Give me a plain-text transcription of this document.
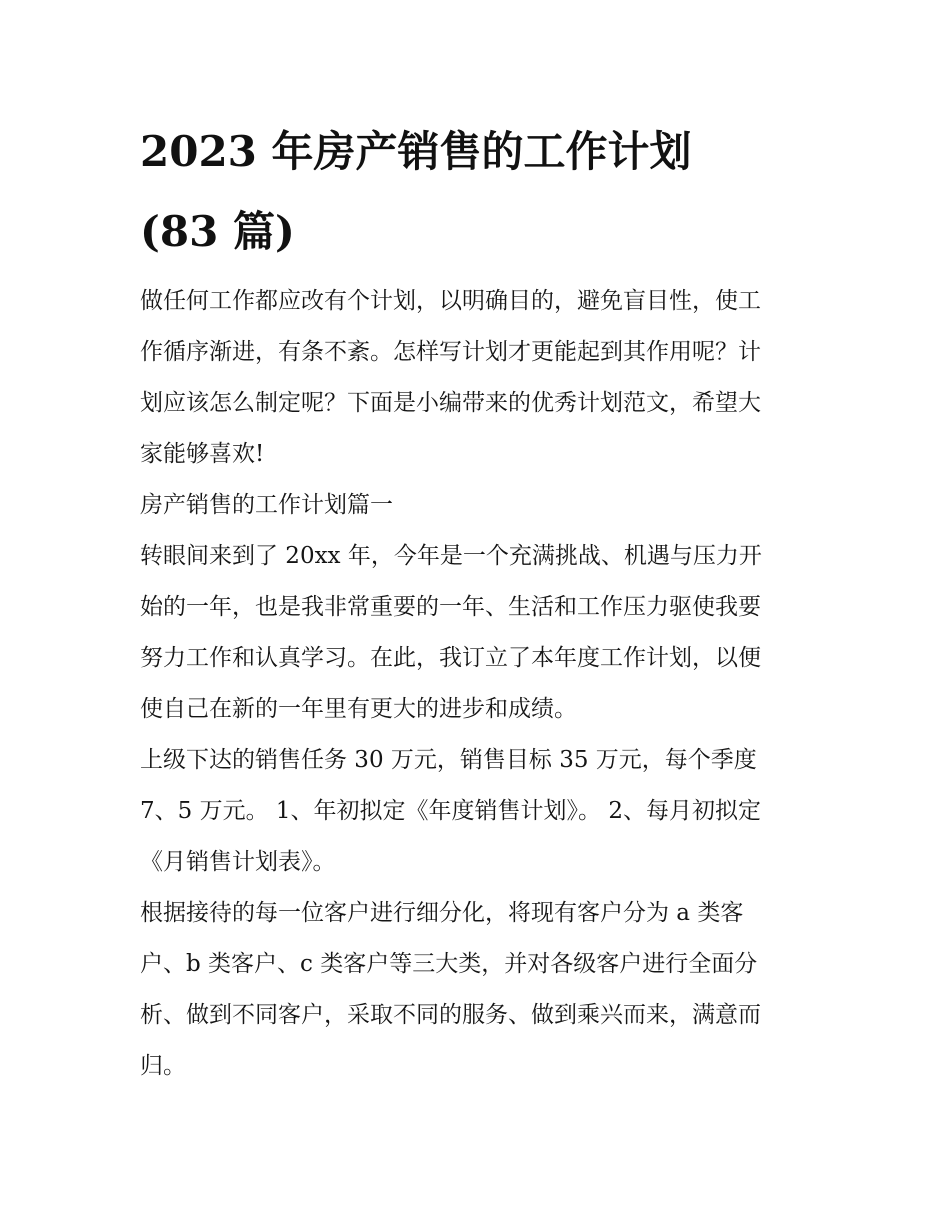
2023 年房产销售的工作计划
(83 篇)
做任何工作都应改有个计划，以明确目的，避免盲目性，使工
作循序渐进，有条不紊。怎样写计划才更能起到其作用呢？计
划应该怎么制定呢？下面是小编带来的优秀计划范文，希望大
家能够喜欢!
房产销售的工作计划篇一
转眼间来到了 20xx 年，今年是一个充满挑战、机遇与压力开
始的一年，也是我非常重要的一年、生活和工作压力驱使我要
努力工作和认真学习。在此，我订立了本年度工作计划，以便
使自己在新的一年里有更大的进步和成绩。
上级下达的销售任务 30 万元，销售目标 35 万元，每个季度
7、5 万元。 1、年初拟定《年度销售计划》。 2、每月初拟定
《月销售计划表》。
根据接待的每一位客户进行细分化，将现有客户分为 a 类客
户、b 类客户、c 类客户等三大类，并对各级客户进行全面分
析、做到不同客户，采取不同的服务、做到乘兴而来，满意而
归。
